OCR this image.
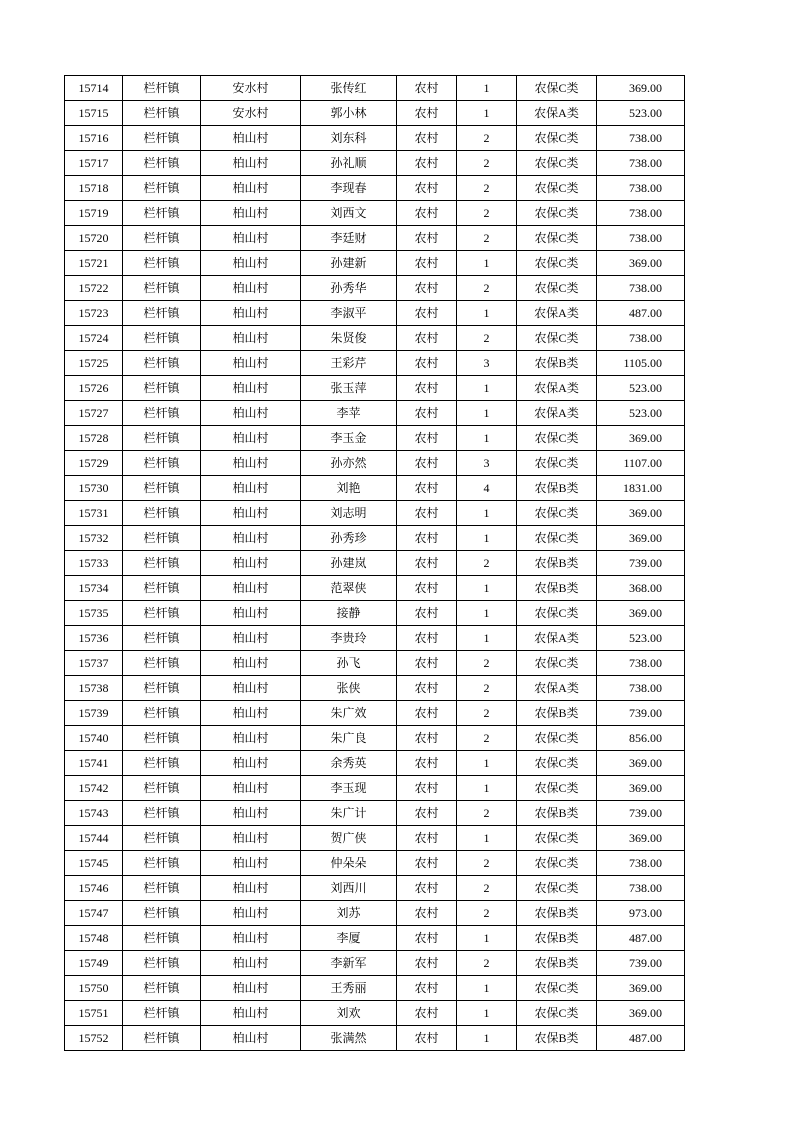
15714	栏杆镇	安水村	张传红	农村	1	农保C类	369.00
15715	栏杆镇	安水村	郭小林	农村	1	农保A类	523.00
15716	栏杆镇	柏山村	刘东科	农村	2	农保C类	738.00
15717	栏杆镇	柏山村	孙礼顺	农村	2	农保C类	738.00
15718	栏杆镇	柏山村	李现春	农村	2	农保C类	738.00
15719	栏杆镇	柏山村	刘西文	农村	2	农保C类	738.00
15720	栏杆镇	柏山村	李廷财	农村	2	农保C类	738.00
15721	栏杆镇	柏山村	孙建新	农村	1	农保C类	369.00
15722	栏杆镇	柏山村	孙秀华	农村	2	农保C类	738.00
15723	栏杆镇	柏山村	李淑平	农村	1	农保A类	487.00
15724	栏杆镇	柏山村	朱贤俊	农村	2	农保C类	738.00
15725	栏杆镇	柏山村	王彩芹	农村	3	农保B类	1105.00
15726	栏杆镇	柏山村	张玉萍	农村	1	农保A类	523.00
15727	栏杆镇	柏山村	李苹	农村	1	农保A类	523.00
15728	栏杆镇	柏山村	李玉金	农村	1	农保C类	369.00
15729	栏杆镇	柏山村	孙亦然	农村	3	农保C类	1107.00
15730	栏杆镇	柏山村	刘艳	农村	4	农保B类	1831.00
15731	栏杆镇	柏山村	刘志明	农村	1	农保C类	369.00
15732	栏杆镇	柏山村	孙秀珍	农村	1	农保C类	369.00
15733	栏杆镇	柏山村	孙建岚	农村	2	农保B类	739.00
15734	栏杆镇	柏山村	范翠侠	农村	1	农保B类	368.00
15735	栏杆镇	柏山村	接静	农村	1	农保C类	369.00
15736	栏杆镇	柏山村	李贵玲	农村	1	农保A类	523.00
15737	栏杆镇	柏山村	孙飞	农村	2	农保C类	738.00
15738	栏杆镇	柏山村	张侠	农村	2	农保A类	738.00
15739	栏杆镇	柏山村	朱广效	农村	2	农保B类	739.00
15740	栏杆镇	柏山村	朱广良	农村	2	农保C类	856.00
15741	栏杆镇	柏山村	余秀英	农村	1	农保C类	369.00
15742	栏杆镇	柏山村	李玉现	农村	1	农保C类	369.00
15743	栏杆镇	柏山村	朱广计	农村	2	农保B类	739.00
15744	栏杆镇	柏山村	贺广侠	农村	1	农保C类	369.00
15745	栏杆镇	柏山村	仲朵朵	农村	2	农保C类	738.00
15746	栏杆镇	柏山村	刘西川	农村	2	农保C类	738.00
15747	栏杆镇	柏山村	刘苏	农村	2	农保B类	973.00
15748	栏杆镇	柏山村	李厦	农村	1	农保B类	487.00
15749	栏杆镇	柏山村	李新军	农村	2	农保B类	739.00
15750	栏杆镇	柏山村	王秀丽	农村	1	农保C类	369.00
15751	栏杆镇	柏山村	刘欢	农村	1	农保C类	369.00
15752	栏杆镇	柏山村	张满然	农村	1	农保B类	487.00
